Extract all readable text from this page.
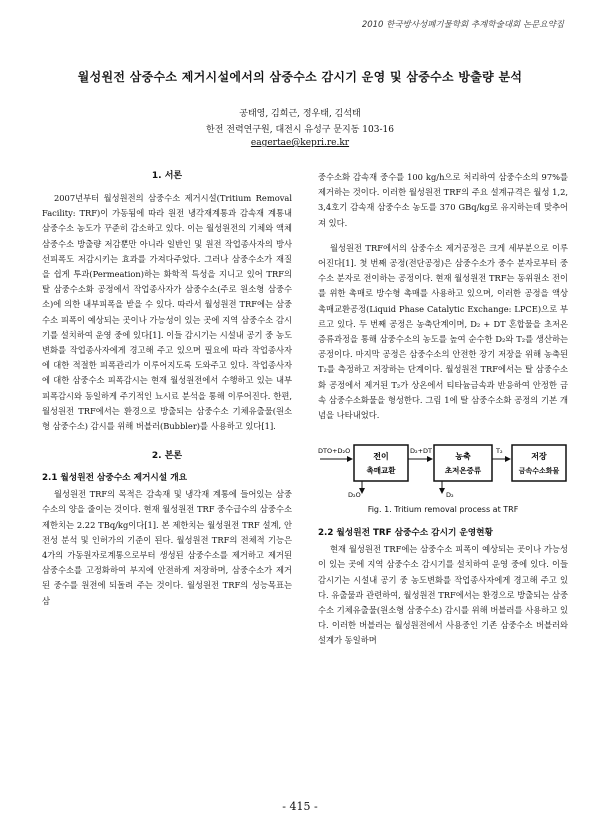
2010 한국방사성폐기물학회 추계학술대회 논문요약집
월성원전 삼중수소 제거시설에서의 삼중수소 감시기 운영 및 삼중수소 방출량 분석
공태영, 김희근, 정우태, 김석태
한전 전력연구원, 대전시 유성구 문지동 103-16
eagertae@kepri.re.kr
1. 서론

2007년부터 월성원전의 삼중수소 제거시설(Tritium Removal Facility: TRF)이 가동됨에 따라 원전 냉각재계통과 감속재 계통내 삼중수소 농도가 꾸준히 감소하고 있다. 이는 월성원전의 기체와 액체 삼중수소 방출량 저감뿐만 아니라 일반인 및 원전 작업종사자의 방사선피폭도 저감시키는 효과를 가져다주었다. 그러나 삼중수소가 재질을 쉽게 투과(Permeation)하는 화학적 특성을 지니고 있어 TRF의 탈 삼중수소화 공정에서 작업종사자가 삼중수소(주로 원소형 삼중수소)에 의한 내부피폭을 받을 수 있다. 따라서 월성원전 TRF에는 삼중수소 피폭이 예상되는 곳이나 가능성이 있는 곳에 지역 삼중수소 감시기를 설치하여 운영 중에 있다[1]. 이들 감시기는 시설내 공기 중 농도변화를 작업종사자에게 경고해 주고 있으며 필요에 따라 작업종사자에 대한 적절한 피폭관리가 이루어지도록 도와주고 있다. 작업종사자에 대한 삼중수소 피폭감시는 현재 월성원전에서 수행하고 있는 내부피폭감시와 동일하게 주기적인 뇨시료 분석을 통해 이루어진다. 한편, 월성원전 TRF에서는 환경으로 방출되는 삼중수소 기체유출물(원소형 삼중수소) 감시를 위해 버블러(Bubbler)를 사용하고 있다[1].

2. 본론
2.1 월성원전 삼중수소 제거시설 개요

월성원전 TRF의 목적은 감속재 및 냉각재 계통에 들어있는 삼중수소의 양을 줄이는 것이다. 현재 월성원전 TRF 중수급수의 삼중수소 제한치는 2.22 TBq/kg이다[1]. 본 제한치는 월성원전 TRF 설계, 안전성 분석 및 인허가의 기준이 된다. 월성원전 TRF의 전체적 기능은 4가의 가동원자로계통으로부터 생성된 삼중수소를 제거하고 제거된 삼중수소를 고정화하여 부지에 안전하게 저장하며, 삼중수소가 제거된 중수를 원전에 되돌려 주는 것이다. 월성원전 TRF의 성능목표는 삼

중수소화 감속재 중수를 100 kg/h으로 처리하여 삼중수소의 97%를 제거하는 것이다. 이러한 월성원전 TRF의 주요 설계규격은 월성 1,2,3,4호기 감속재 삼중수소 농도를 370 GBq/kg로 유지하는데 맞추어져 있다.

월성원전 TRF에서의 삼중수소 제거공정은 크게 세부분으로 이루어진다[1]. 첫 번째 공정(전단공정)은 삼중수소가 중수 분자로부터 중수소 분자로 전이하는 공정이다. 현재 월성원전 TRF는 동위원소 전이를 위한 촉매로 방수형 촉매를 사용하고 있으며, 이러한 공정을 액상촉매교환공정(Liquid Phase Catalytic Exchange: LPCE)으로 부르고 있다. 두 번째 공정은 농축단계이며, D₂ + DT 혼합물을 초저온 증류과정을 통해 삼중수소의 농도를 높여 순수한 D₂와 T₂를 생산하는 공정이다. 마지막 공정은 삼중수소의 안전한 장기 저장을 위해 농축된 T₂를 측정하고 저장하는 단계이다. 월성원전 TRF에서는 탈 삼중수소화 공정에서 제거된 T₂가 상온에서 티타늄금속과 반응하여 안정한 금속 삼중수소화물을 형성한다. 그림 1에 탈 삼중수소화 공정의 기본 개념을 나타내었다.

DTO+D₂O
전이
촉매교환
D₂+DT
농축
초저온증류
T₂
저장
금속수소화물
D₂O	D₂
Fig. 1. Tritium removal process at TRF
2.2 월성원전 TRF 삼중수소 감시기 운영현황

현재 월성원전 TRF에는 삼중수소 피폭이 예상되는 곳이나 가능성이 있는 곳에 지역 삼중수소 감시기를 설치하여 운영 중에 있다. 이들 감시기는 시설내 공기 중 농도변화를 작업종사자에게 경고해 주고 있다. 유출물과 관련하여, 월성원전 TRF에서는 환경으로 방출되는 삼중수소 기체유출물(원소형 삼중수소) 감시를 위해 버블러를 사용하고 있다. 이러한 버블러는 월성원전에서 사용중인 기존 삼중수소 버블러와 설계가 동일하며

- 415 -
